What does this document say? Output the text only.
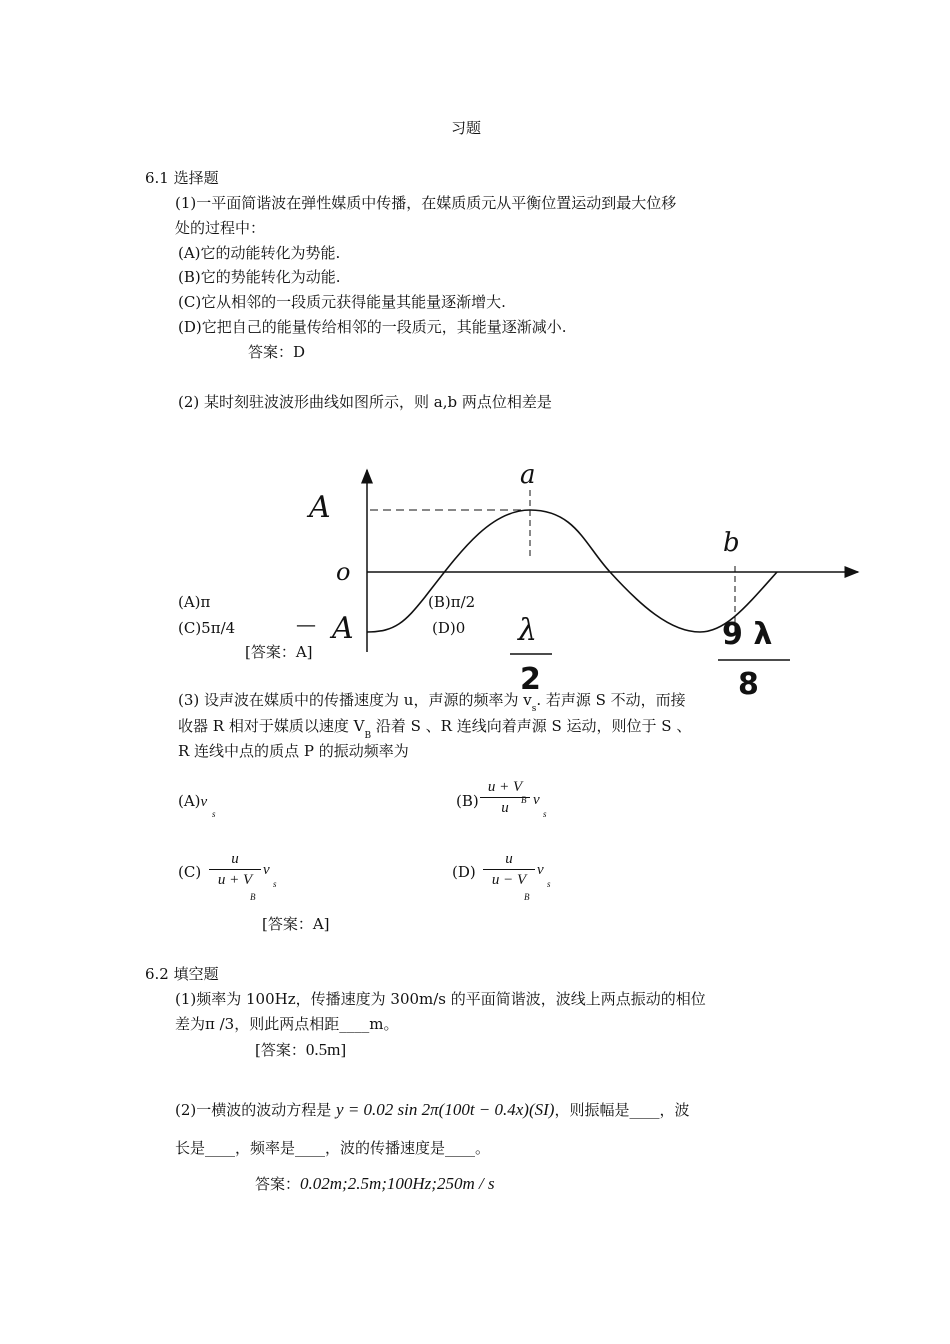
习题
6.1 选择题
(1)一平面简谐波在弹性媒质中传播，在媒质质元从平衡位置运动到最大位移
处的过程中：
(A)它的动能转化为势能.
(B)它的势能转化为动能.
(C)它从相邻的一段质元获得能量其能量逐渐增大.
(D)它把自己的能量传给相邻的一段质元，其能量逐渐减小.
答案：D
(2) 某时刻驻波波形曲线如图所示，则 a,b 两点位相差是
A
o
— A
a
b
λ
2
9 λ
8
(A)π	(B)π/2
(C)5π/4	(D)0
[答案：A]
(3) 设声波在媒质中的传播速度为 u，声源的频率为 $v_s$. 若声源 S 不动，而接
收器 R 相对于媒质以速度 $V_B$ 沿着 S 、R 连线向着声源 S 运动，则位于 S 、
R 连线中点的质点 P 的振动频率为
(A)v
s
(B)
u + V
u	B v
s
(C)
u
u + V
B
v
s
(D)
u
u − V
B
v
s
[答案：A]
6.2 填空题
(1)频率为 100Hz，传播速度为 300m/s 的平面简谐波，波线上两点振动的相位
差为π /3，则此两点相距____m。
[答案：0.5m]
(2)一横波的波动方程是 y = 0.02 sin 2π(100t − 0.4x)(SI)，则振幅是____，波
长是____，频率是____，波的传播速度是____。
答案：0.02m;2.5m;100Hz;250m / s
